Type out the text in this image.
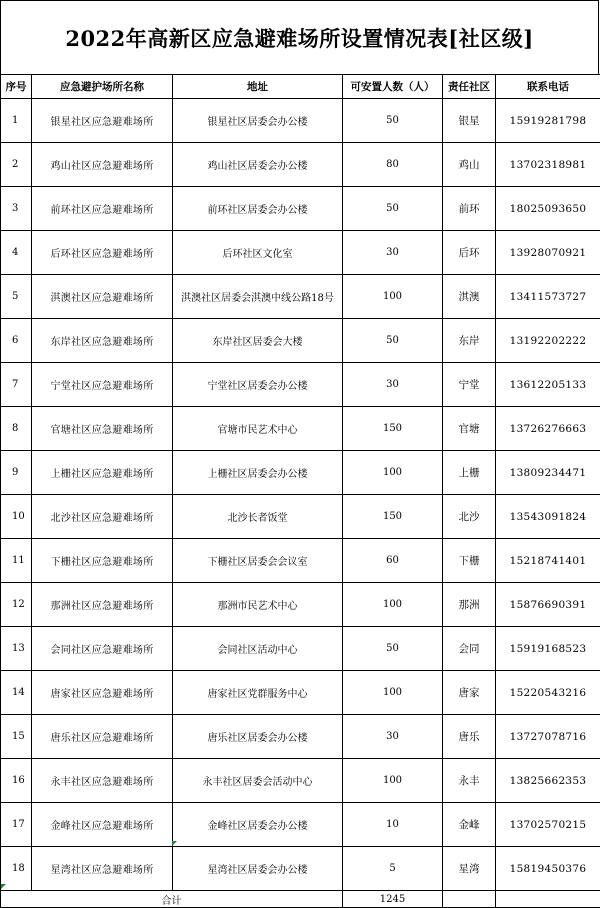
2022年高新区应急避难场所设置情况表[社区级]
序号	应急避护场所名称	地址	可安置人数（人）	责任社区	联系电话
1	银星社区应急避难场所	银星社区居委会办公楼	50	银星	15919281798
2	鸡山社区应急避难场所	鸡山社区居委会办公楼	80	鸡山	13702318981
3	前环社区应急避难场所	前环社区居委会办公楼	50	前环	18025093650
4	后环社区应急避难场所	后环社区文化室	30	后环	13928070921
5	淇澳社区应急避难场所	淇澳社区居委会淇澳中线公路18号	100	淇澳	13411573727
6	东岸社区应急避难场所	东岸社区居委会大楼	50	东岸	13192202222
7	宁堂社区应急避难场所	宁堂社区居委会办公楼	30	宁堂	13612205133
8	官塘社区应急避难场所	官塘市民艺术中心	150	官塘	13726276663
9	上栅社区应急避难场所	上栅社区居委会办公楼	100	上栅	13809234471
10	北沙社区应急避难场所	北沙长者饭堂	150	北沙	13543091824
11	下栅社区应急避难场所	下栅社区居委会会议室	60	下栅	15218741401
12	那洲社区应急避难场所	那洲市民艺术中心	100	那洲	15876690391
13	会同社区应急避难场所	会同社区活动中心	50	会同	15919168523
14	唐家社区应急避难场所	唐家社区党群服务中心	100	唐家	15220543216
15	唐乐社区应急避难场所	唐乐社区居委会办公楼	30	唐乐	13727078716
16	永丰社区应急避难场所	永丰社区居委会活动中心	100	永丰	13825662353
17	金峰社区应急避难场所	金峰社区居委会办公楼	10	金峰	13702570215
18	星湾社区应急避难场所	星湾社区居委会办公楼	5	星湾	15819450376
合计			1245		
